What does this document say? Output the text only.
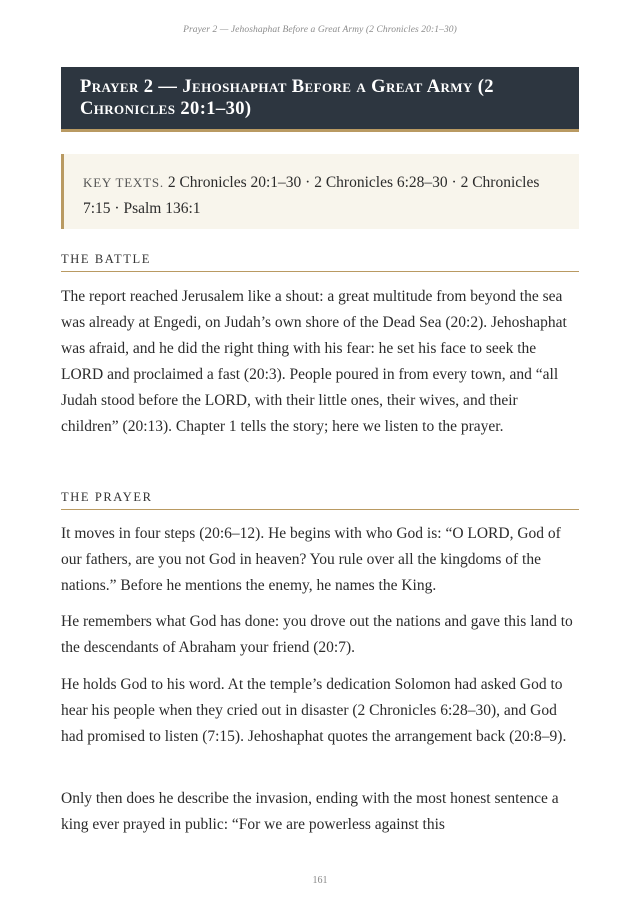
Prayer 2 — Jehoshaphat Before a Great Army (2 Chronicles 20:1–30)
Prayer 2 — Jehoshaphat Before a Great Army (2 Chronicles 20:1–30)
KEY TEXTS. 2 Chronicles 20:1–30 · 2 Chronicles 6:28–30 · 2 Chronicles 7:15 · Psalm 136:1
THE BATTLE

The report reached Jerusalem like a shout: a great multitude from beyond the sea was already at Engedi, on Judah’s own shore of the Dead Sea (20:2). Jehoshaphat was afraid, and he did the right thing with his fear: he set his face to seek the LORD and proclaimed a fast (20:3). People poured in from every town, and “all Judah stood before the LORD, with their little ones, their wives, and their children” (20:13). Chapter 1 tells the story; here we listen to the prayer.

THE PRAYER

It moves in four steps (20:6–12). He begins with who God is: “O LORD, God of our fathers, are you not God in heaven? You rule over all the kingdoms of the nations.” Before he mentions the enemy, he names the King.

He remembers what God has done: you drove out the nations and gave this land to the descendants of Abraham your friend (20:7).

He holds God to his word. At the temple’s dedication Solomon had asked God to hear his people when they cried out in disaster (2 Chronicles 6:28–30), and God had promised to listen (7:15). Jehoshaphat quotes the arrangement back (20:8–9).

Only then does he describe the invasion, ending with the most honest sentence a king ever prayed in public: “For we are powerless against this

161
